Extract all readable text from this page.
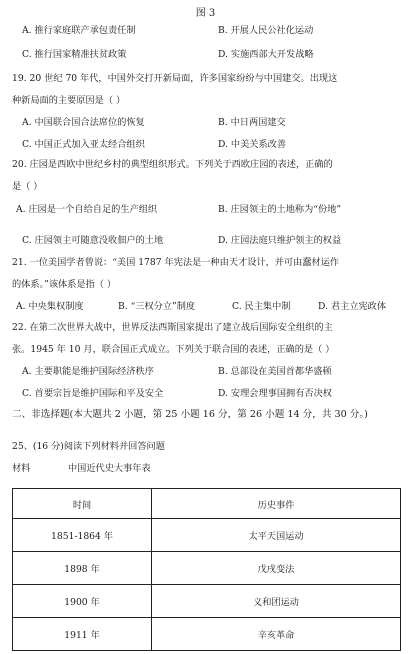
图 3
A. 推行家庭联产承包责任制	B. 开展人民公社化运动
C. 推行国家精准扶贫政策	D. 实施西部大开发战略
19. 20 世纪 70 年代，中国外交打开新局面，许多国家纷纷与中国建交。出现这
种新局面的主要原因是（ ）
A. 中国联合国合法席位的恢复	B. 中日两国建交
C. 中国正式加入亚太经合组织	D. 中美关系改善
20. 庄园是西欧中世纪乡村的典型组织形式。下列关于西欧庄园的表述，正确的
是（ ）
A. 庄园是一个自给自足的生产组织	B. 庄园领主的土地称为“份地”
C. 庄园领主可随意没收佃户的土地	D. 庄园法庭只维护领主的权益
21. 一位美国学者曾说：“美国 1787 年宪法是一种由天才设计，并可由蠢材运作
的体系。”该体系是指（ ）
A. 中央集权制度	B. “三权分立”制度	C. 民主集中制	D. 君主立宪政体
22. 在第二次世界大战中，世界反法西斯国家提出了建立战后国际安全组织的主
张。1945 年 10 月，联合国正式成立。下列关于联合国的表述，正确的是（ ）
A. 主要职能是维护国际经济秩序	B. 总部设在美国首都华盛顿
C. 首要宗旨是维护国际和平及安全	D. 安理会理事国拥有否决权
二、非选择题(本大题共 2 小题，第 25 小题 16 分，第 26 小题 14 分，共 30 分。)
25、(16 分)阅读下列材料并回答问题
材料	中国近代史大事年表
时间	历史事件
1851-1864 年	太平天国运动
1898 年	戊戌变法
1900 年	义和团运动
1911 年	辛亥革命
